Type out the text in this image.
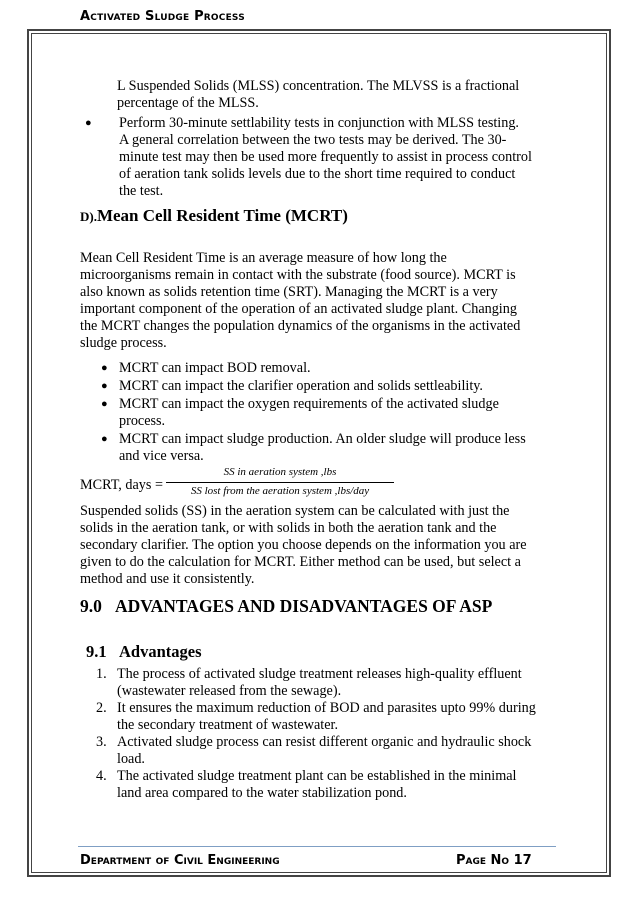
Activated Sludge Process
L Suspended Solids (MLSS) concentration. The MLVSS is a fractional
percentage of the MLSS.
● Perform 30-minute settlability tests in conjunction with MLSS testing.
A general correlation between the two tests may be derived. The 30-
minute test may then be used more frequently to assist in process control
of aeration tank solids levels due to the short time required to conduct
the test.
D).Mean Cell Resident Time (MCRT)
Mean Cell Resident Time is an average measure of how long the
microorganisms remain in contact with the substrate (food source). MCRT is
also known as solids retention time (SRT). Managing the MCRT is a very
important component of the operation of an activated sludge plant. Changing
the MCRT changes the population dynamics of the organisms in the activated
sludge process.
● MCRT can impact BOD removal.
● MCRT can impact the clarifier operation and solids settleability.
● MCRT can impact the oxygen requirements of the activated sludge
process.
● MCRT can impact sludge production. An older sludge will produce less
and vice versa.
MCRT, days =
SS in aeration system ,lbs
SS lost from the aeration system ,lbs/day
Suspended solids (SS) in the aeration system can be calculated with just the
solids in the aeration tank, or with solids in both the aeration tank and the
secondary clarifier. The option you choose depends on the information you are
given to do the calculation for MCRT. Either method can be used, but select a
method and use it consistently.
9.0 ADVANTAGES AND DISADVANTAGES OF ASP
9.1 Advantages
1. The process of activated sludge treatment releases high-quality effluent
(wastewater released from the sewage).
2. It ensures the maximum reduction of BOD and parasites upto 99% during
the secondary treatment of wastewater.
3. Activated sludge process can resist different organic and hydraulic shock
load.
4. The activated sludge treatment plant can be established in the minimal
land area compared to the water stabilization pond.
Department of Civil Engineering	Page No 17
